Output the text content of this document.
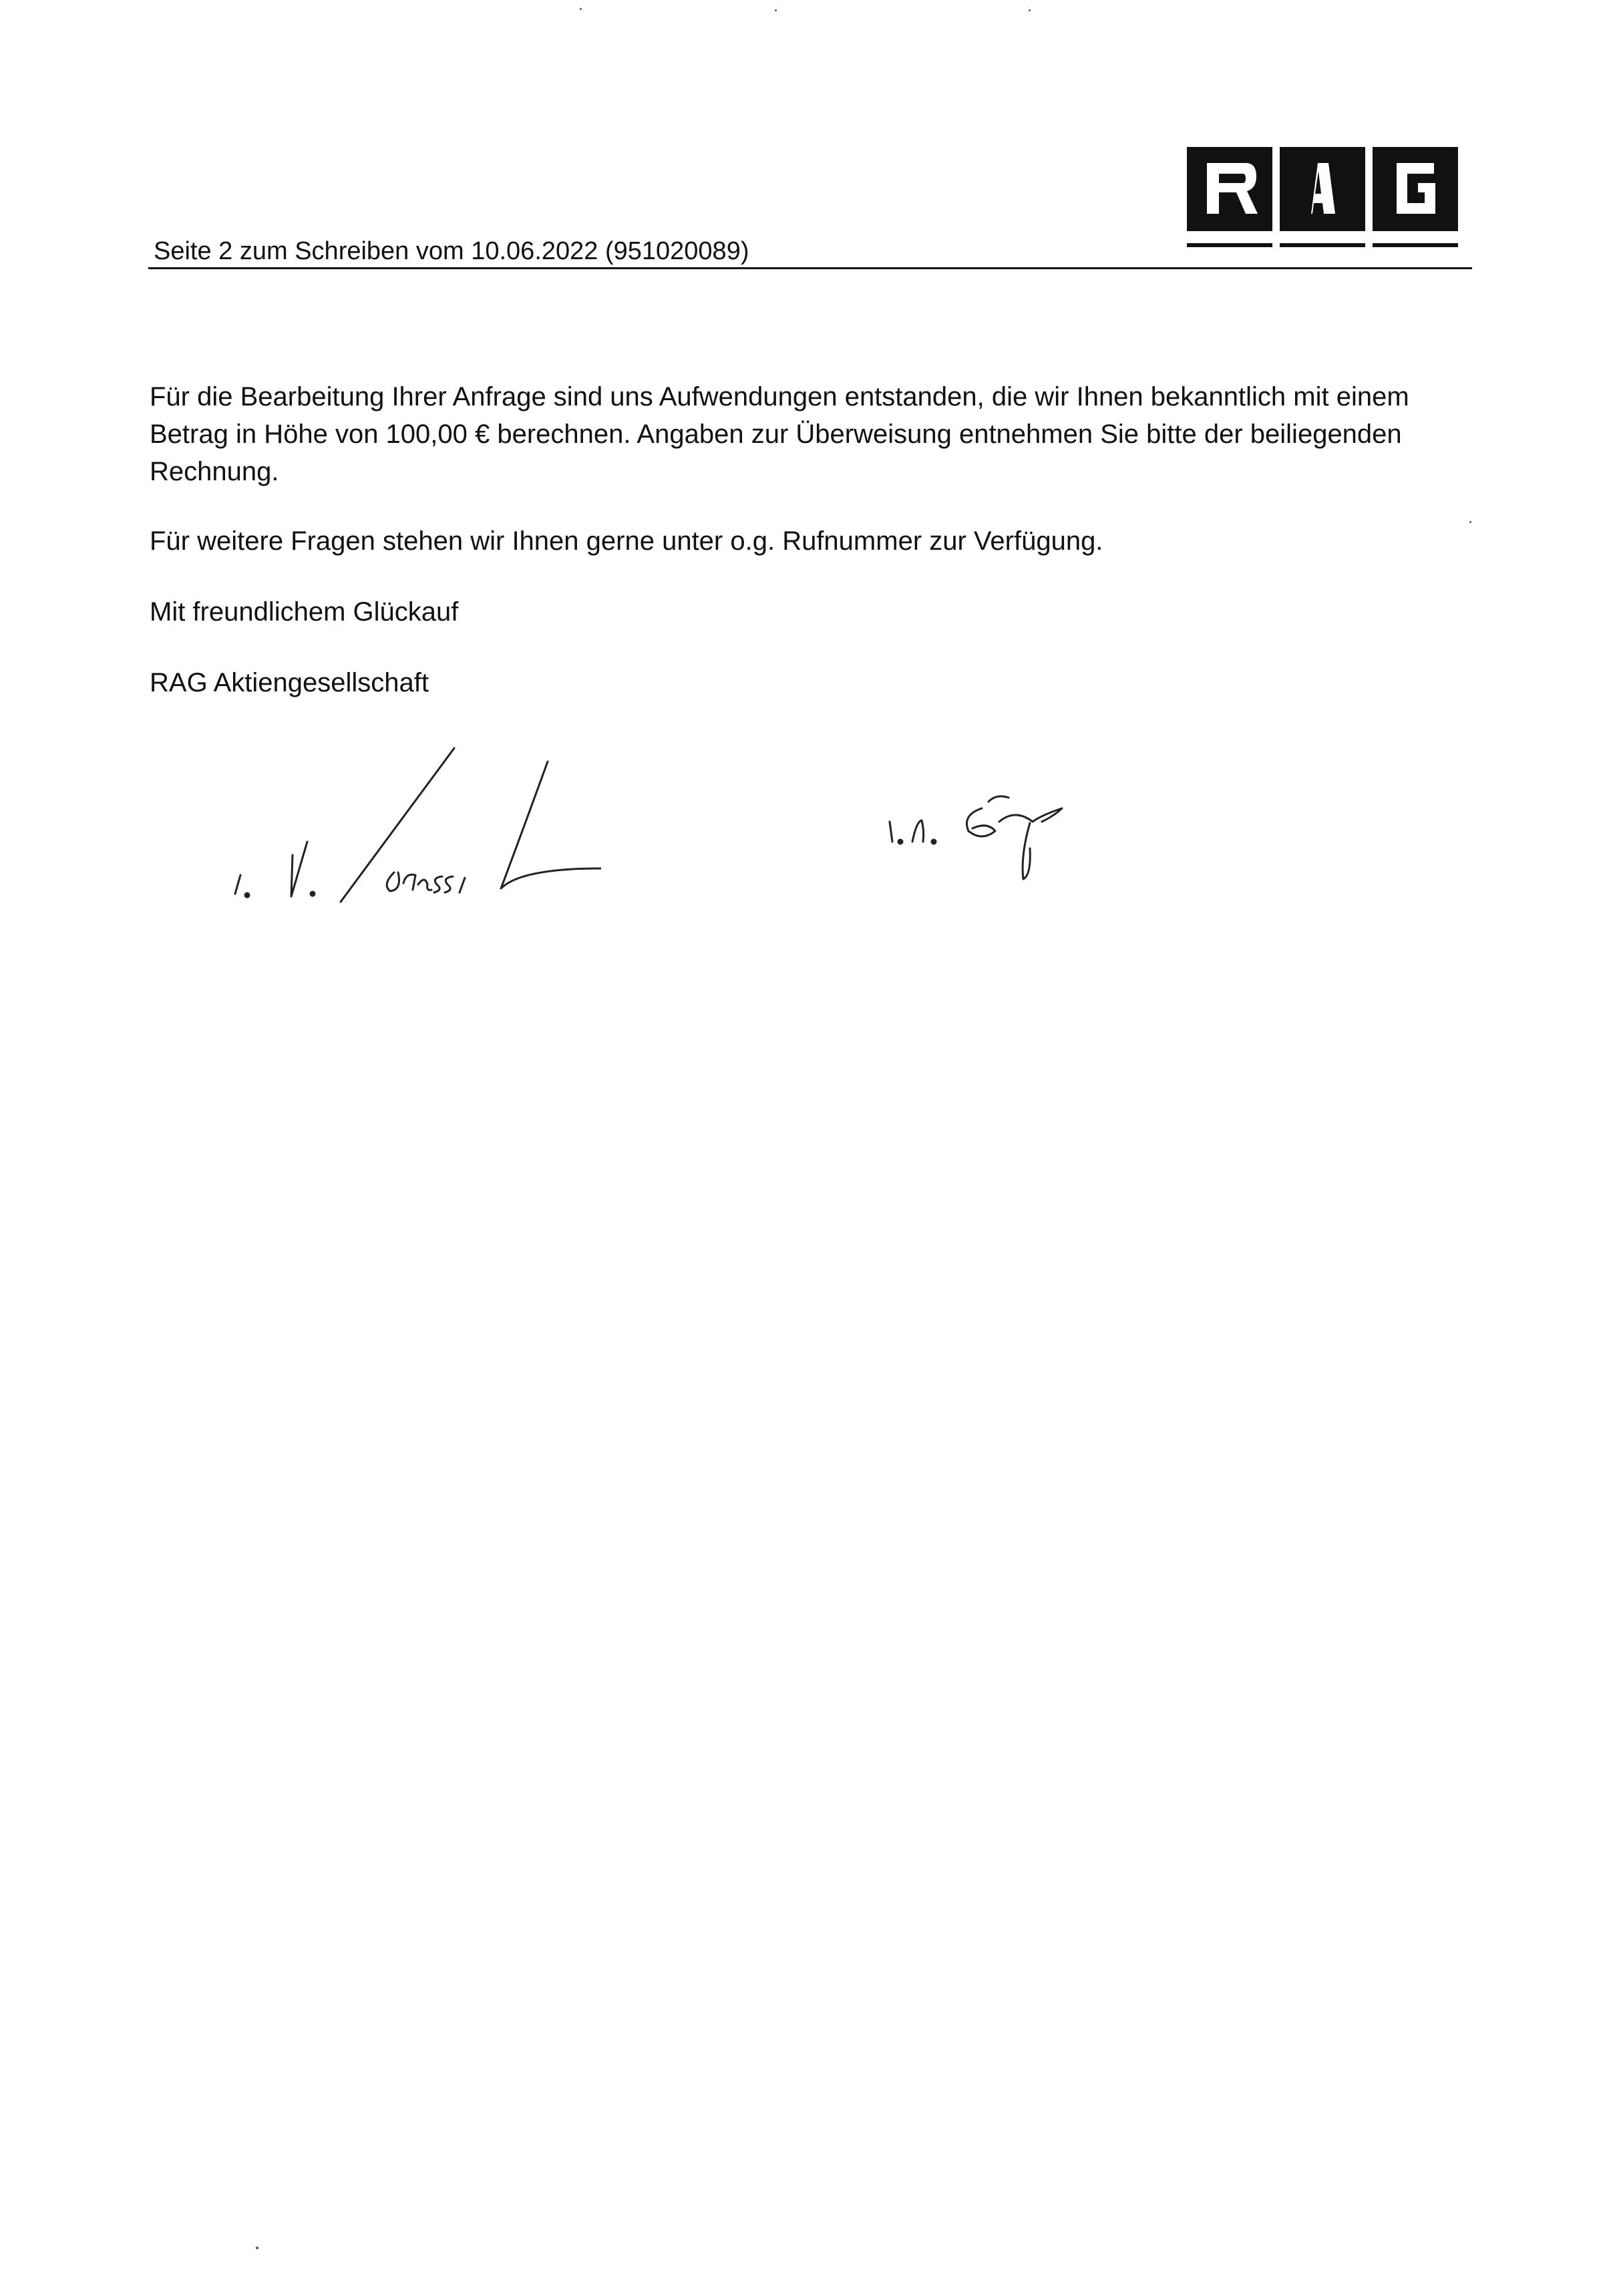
Seite 2 zum Schreiben vom 10.06.2022 (951020089)

Für die Bearbeitung Ihrer Anfrage sind uns Aufwendungen entstanden, die wir Ihnen bekanntlich mit einem Betrag in Höhe von 100,00 € berechnen. Angaben zur Überweisung entnehmen Sie bitte der beiliegenden Rechnung.

Für weitere Fragen stehen wir Ihnen gerne unter o.g. Rufnummer zur Verfügung.

Mit freundlichem Glückauf

RAG Aktiengesellschaft
